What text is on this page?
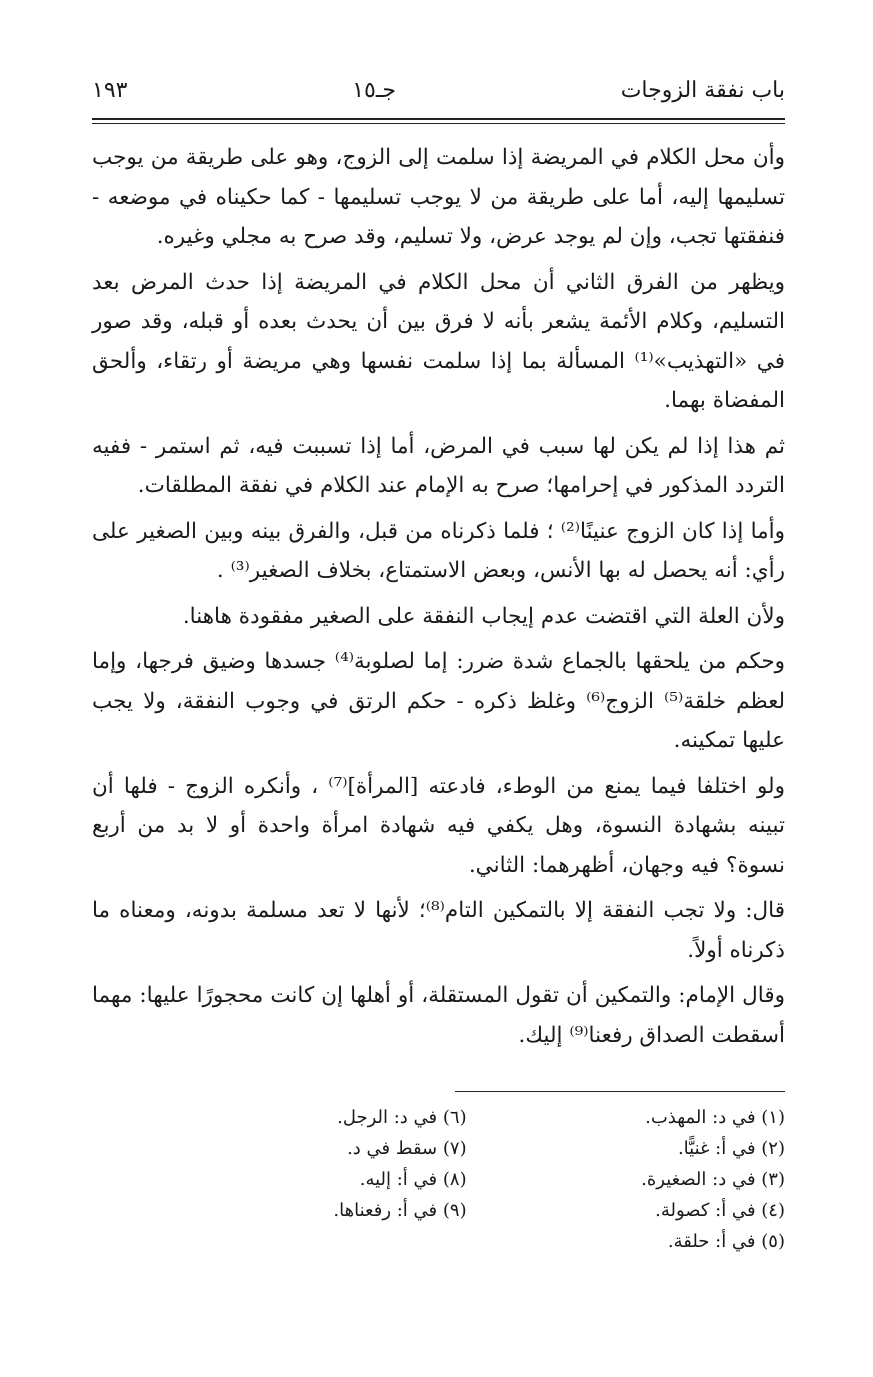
باب نفقة الزوجات
جـ١٥
١٩٣

وأن محل الكلام في المريضة إذا سلمت إلى الزوج، وهو على طريقة من يوجب تسليمها إليه، أما على طريقة من لا يوجب تسليمها - كما حكيناه في موضعه - فنفقتها تجب، وإن لم يوجد عرض، ولا تسليم، وقد صرح به مجلي وغيره.

ويظهر من الفرق الثاني أن محل الكلام في المريضة إذا حدث المرض بعد التسليم، وكلام الأئمة يشعر بأنه لا فرق بين أن يحدث بعده أو قبله، وقد صور في «التهذيب»⁽¹⁾ المسألة بما إذا سلمت نفسها وهي مريضة أو رتقاء، وألحق المفضاة بهما.

ثم هذا إذا لم يكن لها سبب في المرض، أما إذا تسببت فيه، ثم استمر - ففيه التردد المذكور في إحرامها؛ صرح به الإمام عند الكلام في نفقة المطلقات.

وأما إذا كان الزوج عنينًا⁽²⁾ ؛ فلما ذكرناه من قبل، والفرق بينه وبين الصغير على رأي: أنه يحصل له بها الأنس، وبعض الاستمتاع، بخلاف الصغير⁽³⁾ .

ولأن العلة التي اقتضت عدم إيجاب النفقة على الصغير مفقودة هاهنا.

وحكم من يلحقها بالجماع شدة ضرر: إما لصلوبة⁽⁴⁾ جسدها وضيق فرجها، وإما لعظم خلقة⁽⁵⁾ الزوج⁽⁶⁾ وغلظ ذكره - حكم الرتق في وجوب النفقة، ولا يجب عليها تمكينه.

ولو اختلفا فيما يمنع من الوطء، فادعته [المرأة]⁽⁷⁾ ، وأنكره الزوج - فلها أن تبينه بشهادة النسوة، وهل يكفي فيه شهادة امرأة واحدة أو لا بد من أربع نسوة؟ فيه وجهان، أظهرهما: الثاني.

قال: ولا تجب النفقة إلا بالتمكين التام⁽⁸⁾؛ لأنها لا تعد مسلمة بدونه، ومعناه ما ذكرناه أولاً.

وقال الإمام: والتمكين أن تقول المستقلة، أو أهلها إن كانت محجورًا عليها: مهما أسقطت الصداق رفعنا⁽⁹⁾ إليك.

(١) في د: المهذب.
(٢) في أ: غنيًّا.
(٣) في د: الصغيرة.
(٤) في أ: كصولة.
(٥) في أ: حلقة.
(٦) في د: الرجل.
(٧) سقط في د.
(٨) في أ: إليه.
(٩) في أ: رفعناها.
